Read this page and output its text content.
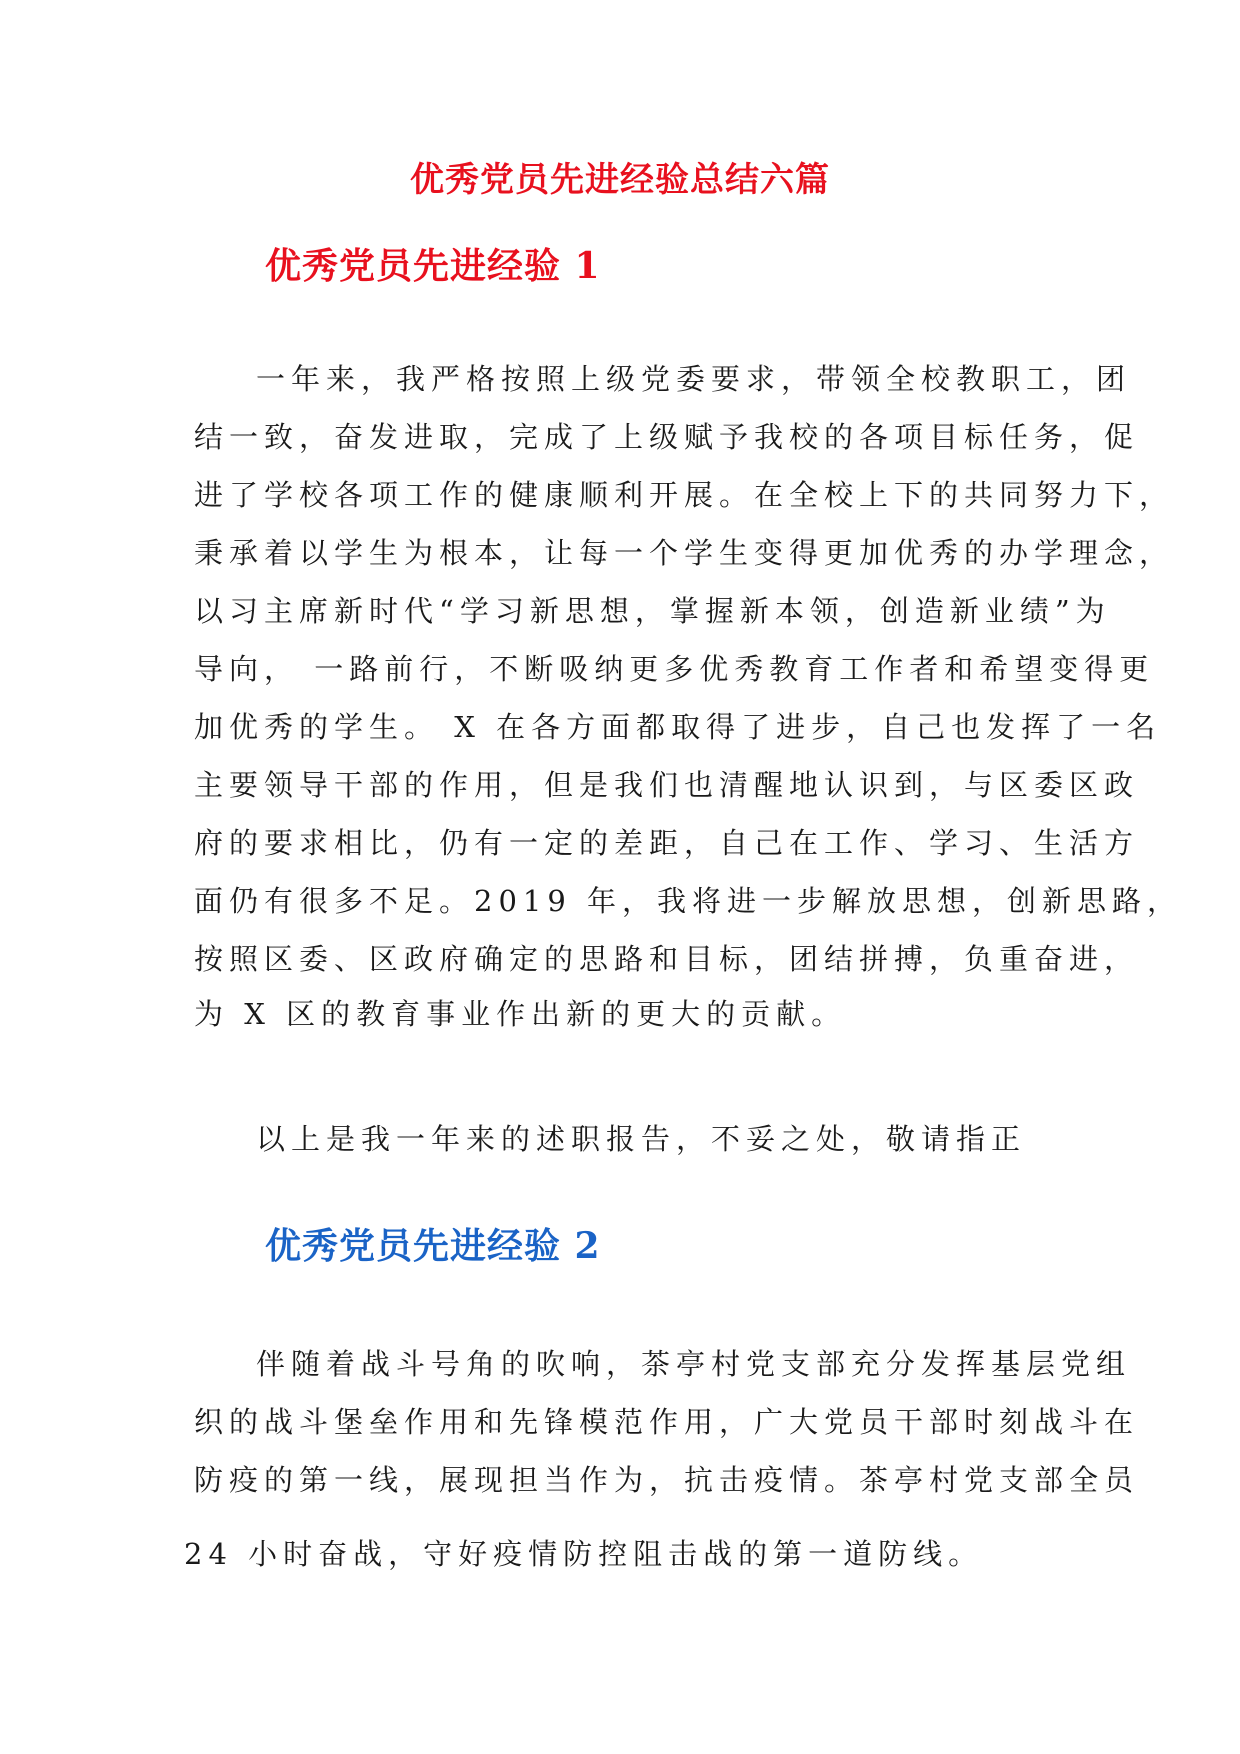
优秀党员先进经验总结六篇
优秀党员先进经验 1

一年来，我严格按照上级党委要求，带领全校教职工，团
结一致，奋发进取，完成了上级赋予我校的各项目标任务，促
进了学校各项工作的健康顺利开展。在全校上下的共同努力下，
秉承着以学生为根本，让每一个学生变得更加优秀的办学理念，
以习主席新时代“学习新思想，掌握新本领，创造新业绩”为
导向， 一路前行，不断吸纳更多优秀教育工作者和希望变得更
加优秀的学生。 X 在各方面都取得了进步，自己也发挥了一名
主要领导干部的作用，但是我们也清醒地认识到，与区委区政
府的要求相比，仍有一定的差距，自己在工作、学习、生活方
面仍有很多不足。2019 年，我将进一步解放思想，创新思路，
按照区委、区政府确定的思路和目标，团结拼搏，负重奋进，

为 X 区的教育事业作出新的更大的贡献。

以上是我一年来的述职报告，不妥之处，敬请指正

优秀党员先进经验 2

伴随着战斗号角的吹响，茶亭村党支部充分发挥基层党组
织的战斗堡垒作用和先锋模范作用，广大党员干部时刻战斗在
防疫的第一线，展现担当作为，抗击疫情。茶亭村党支部全员

24 小时奋战，守好疫情防控阻击战的第一道防线。
